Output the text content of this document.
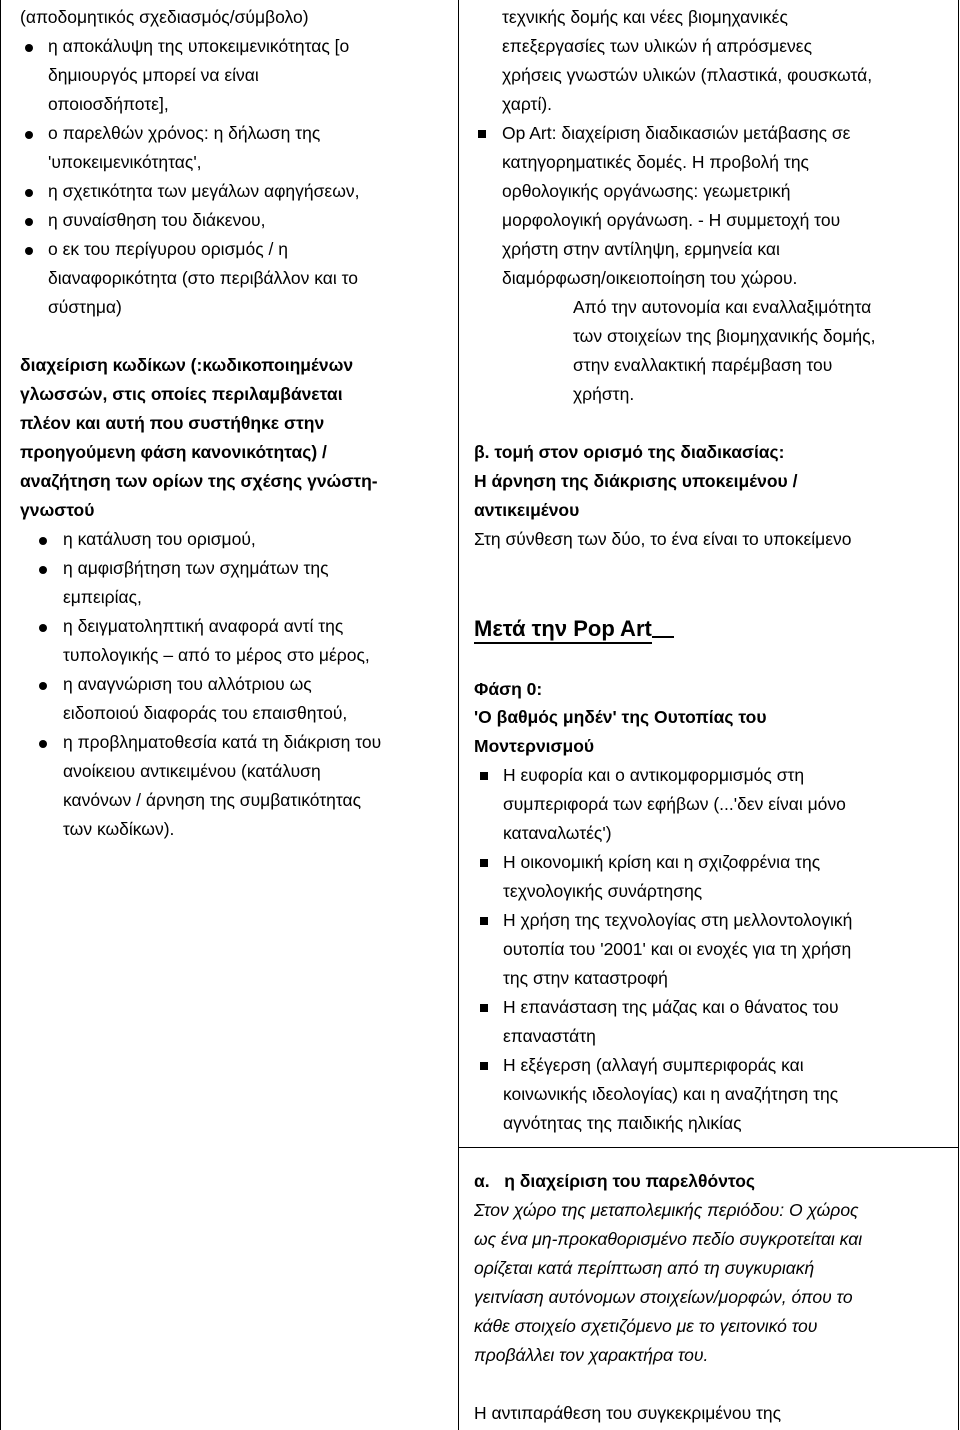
(αποδομητικός σχεδιασμός/σύμβολο)
η αποκάλυψη της υποκειμενικότητας [ο
δημιουργός μπορεί να είναι
οποιοσδήποτε],
ο παρελθών χρόνος: η δήλωση της
'υποκειμενικότητας',
η σχετικότητα των μεγάλων αφηγήσεων,
η συναίσθηση του διάκενου,
ο εκ του περίγυρου ορισμός / η
διαναφορικότητα (στο περιβάλλον και το
σύστημα)
διαχείριση κωδίκων (:κωδικοποιημένων
γλωσσών, στις οποίες περιλαμβάνεται
πλέον και αυτή που συστήθηκε στην
προηγούμενη φάση κανονικότητας) /
αναζήτηση των ορίων της σχέσης γνώστη-
γνωστού
η κατάλυση του ορισμού,
η αμφισβήτηση των σχημάτων της
εμπειρίας,
η δειγματοληπτική αναφορά αντί της
τυπολογικής ‒ από το μέρος στο μέρος,
η αναγνώριση του αλλότριου ως
ειδοποιού διαφοράς του επαισθητού,
η προβληματοθεσία κατά τη διάκριση του
ανοίκειου αντικειμένου (κατάλυση
κανόνων / άρνηση της συμβατικότητας
των κωδίκων).
τεχνικής δομής και νέες βιομηχανικές
επεξεργασίες των υλικών ή απρόσμενες
χρήσεις γνωστών υλικών (πλαστικά, φουσκωτά,
χαρτί).
Op Art: διαχείριση διαδικασιών μετάβασης σε
κατηγορηματικές δομές. Η προβολή της
ορθολογικής οργάνωσης: γεωμετρική
μορφολογική οργάνωση. - Η συμμετοχή του
χρήστη στην αντίληψη, ερμηνεία και
διαμόρφωση/οικειοποίηση του χώρου.
Από την αυτονομία και εναλλαξιμότητα
των στοιχείων της βιομηχανικής δομής,
στην εναλλακτική παρέμβαση του
χρήστη.
β. τομή στον ορισμό της διαδικασίας:
Η άρνηση της διάκρισης υποκειμένου /
αντικειμένου
Στη σύνθεση των δύο, το ένα είναι το υποκείμενο
Μετά την Pop Art
Φάση 0:
'Ο βαθμός μηδέν' της Ουτοπίας του
Μοντερνισμού
Η ευφορία και ο αντικομφορμισμός στη
συμπεριφορά των εφήβων (...'δεν είναι μόνο
καταναλωτές')
Η οικονομική κρίση και η σχιζοφρένια της
τεχνολογικής συνάρτησης
Η χρήση της τεχνολογίας στη μελλοντολογική
ουτοπία του '2001' και οι ενοχές για τη χρήση
της στην καταστροφή
Η επανάσταση της μάζας και ο θάνατος του
επαναστάτη
Η εξέγερση (αλλαγή συμπεριφοράς και
κοινωνικής ιδεολογίας) και η αναζήτηση της
αγνότητας της παιδικής ηλικίας
α.   η διαχείριση του παρελθόντος
Στον χώρο της μεταπολεμικής περιόδου: Ο χώρος
ως ένα μη-προκαθορισμένο πεδίο συγκροτείται και
ορίζεται κατά περίπτωση από τη συγκυριακή
γειτνίαση αυτόνομων στοιχείων/μορφών, όπου το
κάθε στοιχείο σχετιζόμενο με το γειτονικό του
προβάλλει τον χαρακτήρα του.
Η αντιπαράθεση του συγκεκριμένου της
